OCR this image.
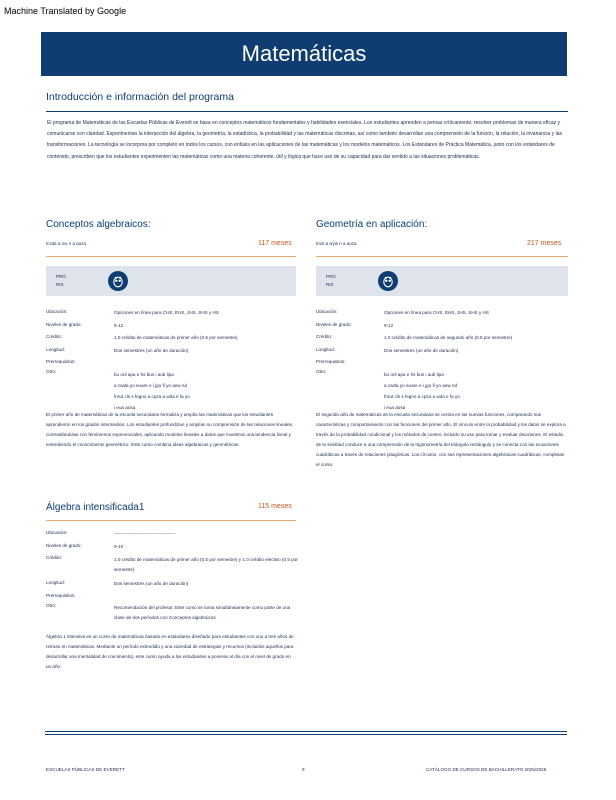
Machine Translated by Google
Matemáticas
Introducción e información del programa
El programa de Matemáticas de las Escuelas Públicas de Everett se basa en conceptos matemáticos fundamentales y habilidades esenciales. Los estudiantes aprenden a pensar críticamente, resolver problemas de manera eficaz y comunicarse con claridad. Experimentan la interacción del álgebra, la geometría, la estadística, la probabilidad y las matemáticas discretas, así como también desarrollan una comprensión de la función, la relación, la invariancia y las transformaciones. La tecnología se incorpora por completo en todos los cursos, con énfasis en las aplicaciones de las matemáticas y los modelos matemáticos. Los Estándares de Práctica Matemática, junto con los estándares de contenido, prescriben que los estudiantes experimenten las matemáticas como una materia coherente, útil y lógica que hace uso de su capacidad para dar sentido a las situaciones problemáticas.
Conceptos algebraicos:
tcsita a mx n a aoza	117 meses
PRO
RIS
Ubicación:	Opciones en línea para CHS, EHS, JHS, SHS y HS
Niveles de grado:	9-12
Crédito:	1.0 crédito de matemáticas de primer año (0.5 por semestre)
Longitud:	Dos semestres (un año de duración)
Prerrequisitos:
Otro:
bu onl apa e hs bus i aub lipa
a cwda yo euare e i jgo fi yo aew nd
fnrut cls s fegno a cpza a wda e fa yo
i eua aosa
El primer año de matemáticas de la escuela secundaria formaliza y amplía las matemáticas que los estudiantes aprendieron en los grados intermedios. Los estudiantes profundizan y amplían su comprensión de las relaciones lineales, contrastándolas con fenómenos exponenciales, aplicando modelos lineales a datos que muestran una tendencia lineal y entendiendo el conocimiento geométrico. Este curso combina ideas algebraicas y geométricas.
Geometría en aplicación:
tmis a wyis n a aoza	217 meses
PRO
RIS
Ubicación:	Opciones en línea para CHS, EHS, JHS, SHS y HS
Niveles de grado:	9-12
Crédito:	1.0 crédito de matemáticas de segundo año (0.5 por semestre)
Longitud:	Dos semestres (un año de duración)
Prerrequisitos:
Otro:
bu onl apa e hs bus i aub lipa
a cwda yo euare e i jgo fi yo aew nd
fnrut cls s fegno a cpza a wda e fa yo
i eua aosa
El segundo año de matemáticas de la escuela secundaria se centra en las nuevas funciones, comparando sus características y comportamiento con las funciones del primer año. El vínculo entre la probabilidad y los datos se explora a través de la probabilidad condicional y los métodos de conteo, incluido su uso para tomar y evaluar decisiones. El estudio de la similitud conduce a una comprensión de la trigonometría del triángulo rectángulo y se conecta con las ecuaciones cuadráticas a través de relaciones pitagóricas. Los círculos, con sus representaciones algebraicas cuadráticas, completan el curso.
Álgebra intensificada1	115 meses
Ubicación:	----------------------------------------
Niveles de grado:	9-10
Crédito:	1.0 crédito de matemáticas de primer año (0.5 por semestre) y 1.0 crédito electivo (0.5 por semestre)
Longitud:	Dos semestres (un año de duración)
Prerrequisitos:
Otro:	Recomendación del profesor. Este curso se toma simultáneamente como parte de una clase de dos períodos con Conceptos algebraicos
Álgebra 1 intensiva es un curso de matemáticas basado en estándares diseñado para estudiantes con uno a tres años de retraso en matemáticas. Mediante un período extendido y una variedad de estrategias y recursos (incluidos aquellos para desarrollar una mentalidad de crecimiento), este curso ayuda a los estudiantes a ponerse al día con el nivel de grado en un año.
ESCUELAS PÚBLICAS DE EVERETT	9	CATÁLOGO DE CURSOS DE BACHILLERATO 2025/2026
